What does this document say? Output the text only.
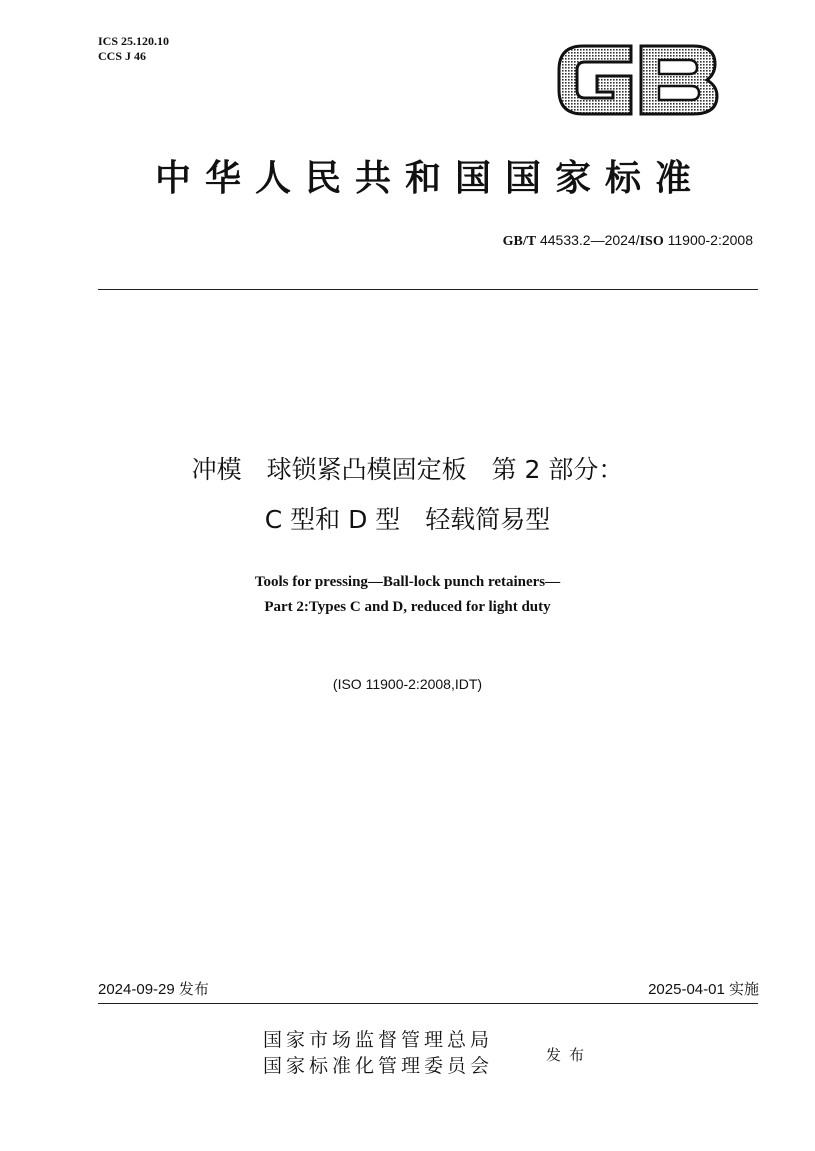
ICS 25.120.10
CCS J 46
GB
中华人民共和国国家标准
GB/T 44533.2—2024/ISO 11900-2:2008
冲模　球锁紧凸模固定板　第 2 部分：
C 型和 D 型　轻载简易型
Tools for pressing—Ball-lock punch retainers—
Part 2:Types C and D, reduced for light duty
(ISO 11900-2:2008,IDT)
2024-09-29 发布	2025-04-01 实施
国家市场监督管理总局
国家标准化管理委员会	发布
